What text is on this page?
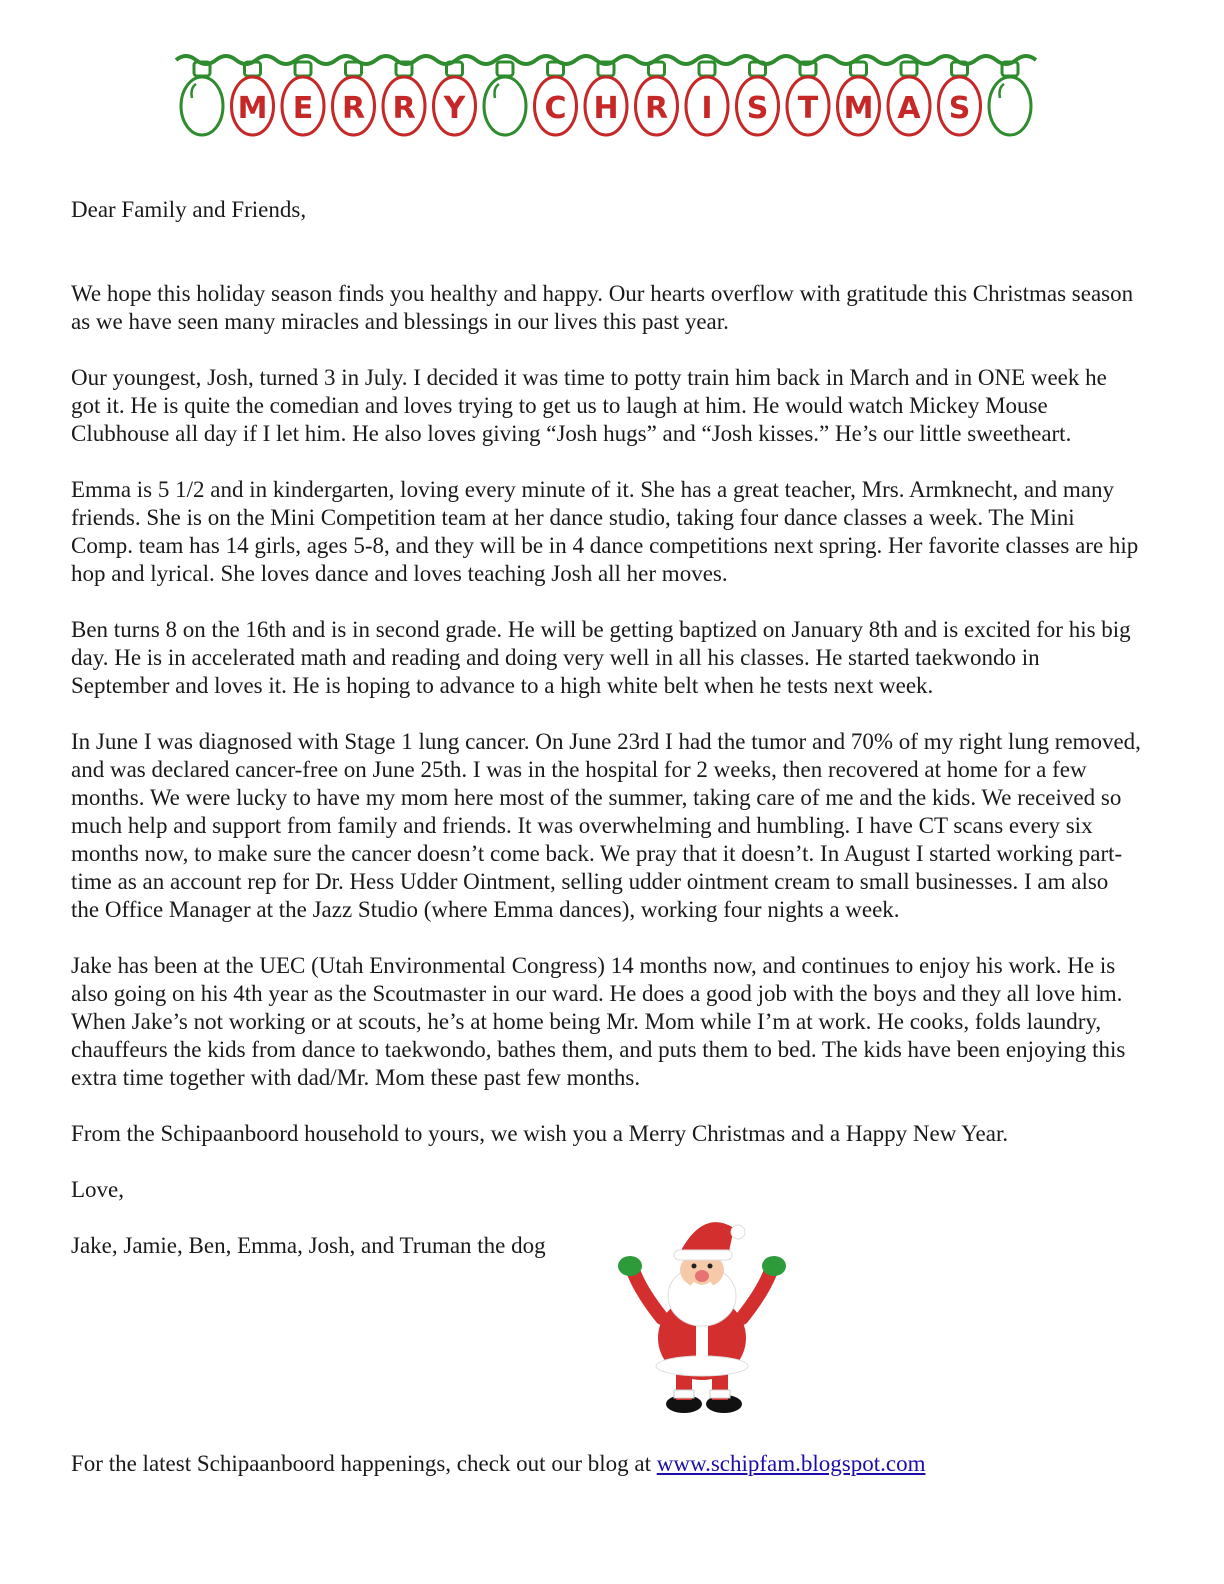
M E R R Y	C H R I S T M A S

Dear Family and Friends,

We hope this holiday season finds you healthy and happy. Our hearts overflow with gratitude this Christmas season as we have seen many miracles and blessings in our lives this past year.

Our youngest, Josh, turned 3 in July. I decided it was time to potty train him back in March and in ONE week he got it. He is quite the comedian and loves trying to get us to laugh at him. He would watch Mickey Mouse Clubhouse all day if I let him. He also loves giving “Josh hugs” and “Josh kisses.” He’s our little sweetheart.

Emma is 5 1/2 and in kindergarten, loving every minute of it. She has a great teacher, Mrs. Armknecht, and many friends. She is on the Mini Competition team at her dance studio, taking four dance classes a week. The Mini Comp. team has 14 girls, ages 5-8, and they will be in 4 dance competitions next spring. Her favorite classes are hip hop and lyrical. She loves dance and loves teaching Josh all her moves.

Ben turns 8 on the 16th and is in second grade. He will be getting baptized on January 8th and is excited for his big day. He is in accelerated math and reading and doing very well in all his classes. He started taekwondo in September and loves it. He is hoping to advance to a high white belt when he tests next week.

In June I was diagnosed with Stage 1 lung cancer. On June 23rd I had the tumor and 70% of my right lung removed, and was declared cancer-free on June 25th. I was in the hospital for 2 weeks, then recovered at home for a few months. We were lucky to have my mom here most of the summer, taking care of me and the kids. We received so much help and support from family and friends. It was overwhelming and humbling. I have CT scans every six months now, to make sure the cancer doesn’t come back. We pray that it doesn’t. In August I started working part-time as an account rep for Dr. Hess Udder Ointment, selling udder ointment cream to small businesses. I am also the Office Manager at the Jazz Studio (where Emma dances), working four nights a week.

Jake has been at the UEC (Utah Environmental Congress) 14 months now, and continues to enjoy his work. He is also going on his 4th year as the Scoutmaster in our ward. He does a good job with the boys and they all love him. When Jake’s not working or at scouts, he’s at home being Mr. Mom while I’m at work. He cooks, folds laundry, chauffeurs the kids from dance to taekwondo, bathes them, and puts them to bed. The kids have been enjoying this extra time together with dad/Mr. Mom these past few months.

From the Schipaanboord household to yours, we wish you a Merry Christmas and a Happy New Year.

Love,

Jake, Jamie, Ben, Emma, Josh, and Truman the dog

For the latest Schipaanboord happenings, check out our blog at www.schipfam.blogspot.com
